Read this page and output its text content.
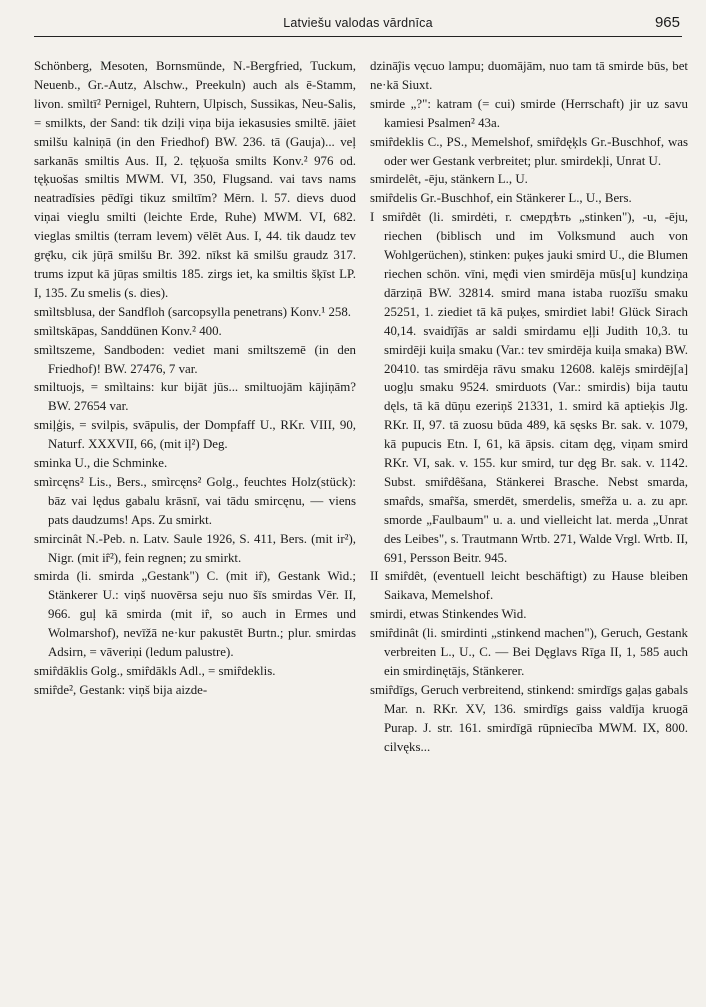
Latviešu valodas vārdnīca	965

Schönberg, Mesoten, Bornsmünde, N.-Bergfried, Tuckum, Neuenb., Gr.-Autz, Alschw., Preekuln) auch als ē-Stamm, livon. smìltī² Pernigel, Ruhtern, Ulpisch, Sussikas, Neu-Salis, = smilkts, der Sand: tik dziļi viņa bija iekasusies smiltē. jāiet smilšu kalniņā (in den Friedhof) BW. 236. tā (Gauja)... veļ sarkanās smiltis Aus. II, 2. tęķuoša smilts Konv.² 976 od. tęķuošas smiltis MWM. VI, 350, Flugsand. vai tavs nams neatradīsies pēdīgi tikuz smiltīm? Mērn. l. 57. dievs duod viņai vieglu smilti (leichte Erde, Ruhe) MWM. VI, 682. vieglas smiltis (terram levem) vēlēt Aus. I, 44. tik daudz tev grę̄ku, cik jūŗā smilšu Br. 392. nīkst kā smilšu graudz 317. trums izput kā jūŗas smiltis 185. zirgs iet, ka smiltis šķīst LP. I, 135. Zu smelis (s. dies).

smìltsblusa, der Sandfloh (sarcopsylla penetrans) Konv.¹ 258.

smìltskāpas, Sanddünen Konv.² 400.

smìltszeme, Sandboden: vediet mani smiltszemē (in den Friedhof)! BW. 27476, 7 var.

smiltuojs, = smìltains: kur bijāt jūs... smiltuojām kājiņām? BW. 27654 var.

smiļģis, = svilpis, svāpulis, der Dompfaff U., RKr. VIII, 90, Naturf. XXXVII, 66, (mit iļ²) Deg.

sminka U., die Schminke.

smìrcęns² Lis., Bers., smìrcęns² Golg., feuchtes Holz(stück): bāz vai lędus gabalu krāsnī, vai tādu smircęnu, — viens pats daudzums! Aps. Zu smirkt.

smircinât N.-Peb. n. Latv. Saule 1926, S. 411, Bers. (mit ir²), Nigr. (mit iȓ²), fein regnen; zu smirkt.

smirda (li. smirda „Gestank") C. (mit iȓ), Gestank Wid.; Stänkerer U.: viņš nuovērsa seju nuo šīs smirdas Vēr. II, 966. guļ kā smirda (mit iȓ, so auch in Ermes und Wolmarshof), nevīžā ne·kur pakustēt Burtn.; plur. smirdas Adsirn, = vāveriņi (ledum palustre).

smiȓdāklis Golg., smiȓdākls Adl., = smiȓdeklis.

smiȓde², Gestank: viņš bija aizde-

dzināĵis vęcuo lampu; duomājām, nuo tam tā smirde būs, bet ne·kā Siuxt.

smirde „?": katram (= cui) smirde (Herrschaft) jir uz savu kamiesi Psalmen² 43a.

smiȓdeklis C., PS., Memelshof, smiȓdęķls Gr.-Buschhof, was oder wer Gestank verbreitet; plur. smirdekļi, Unrat U.

smirdelêt, -ēju, stänkern L., U.

smiȓdelis Gr.-Buschhof, ein Stänkerer L., U., Bers.

I smiȓdêt (li. smirdėti, r. смердѣть „stinken"), -u, -ēju, riechen (biblisch und im Volksmund auch von Wohlgerüchen), stinken: puķes jauki smird U., die Blumen riechen schön. vīni, męđi vien smirdēja mūs[u] kundziņa dārziņā BW. 32814. smird mana istaba ruozīšu smaku 25251, 1. ziediet tā kā puķes, smirdiet labi! Glück Sirach 40,14. svaidīĵās ar saldi smirdamu eļļi Judith 10,3. tu smirdēji kuiļa smaku (Var.: tev smirdēja kuiļa smaka) BW. 20410. tas smirdēja rāvu smaku 12608. kalējs smirdēj[a] uogļu smaku 9524. smirduots (Var.: smirdis) bija tautu dęls, tā kā dūņu ezeriņš 21331, 1. smird kā aptieķis Jlg. RKr. II, 97. tā zuosu būda 489, kā sęsks Br. sak. v. 1079, kā pupucis Etn. I, 61, kā āpsis. citam dęg, viņam smird RKr. VI, sak. v. 155. kur smird, tur dęg Br. sak. v. 1142. Subst. smiȓdêšana, Stänkerei Brasche. Nebst smarda, smaȓds, smaȓša, smerdēt, smerdelis, smeȓža u. a. zu apr. smorde „Faulbaum" u. a. und vielleicht lat. merda „Unrat des Leibes", s. Trautmann Wrtb. 271, Walde Vrgl. Wrtb. II, 691, Persson Beitr. 945.

II smiȓdêt, (eventuell leicht beschäftigt) zu Hause bleiben Saikava, Memelshof.

smirdi, etwas Stinkendes Wid.

smiȓdinât (li. smirdinti „stinkend machen"), Geruch, Gestank verbreiten L., U., C. — Bei Dęglavs Rīga II, 1, 585 auch ein smirdinętājs, Stänkerer.

smiȓdīgs, Geruch verbreitend, stinkend: smirdīgs gaļas gabals Mar. n. RKr. XV, 136. smirdīgs gaiss valdīja kruogā Purap. J. str. 161. smirdīgā rūpniecība MWM. IX, 800. cilvęks...
